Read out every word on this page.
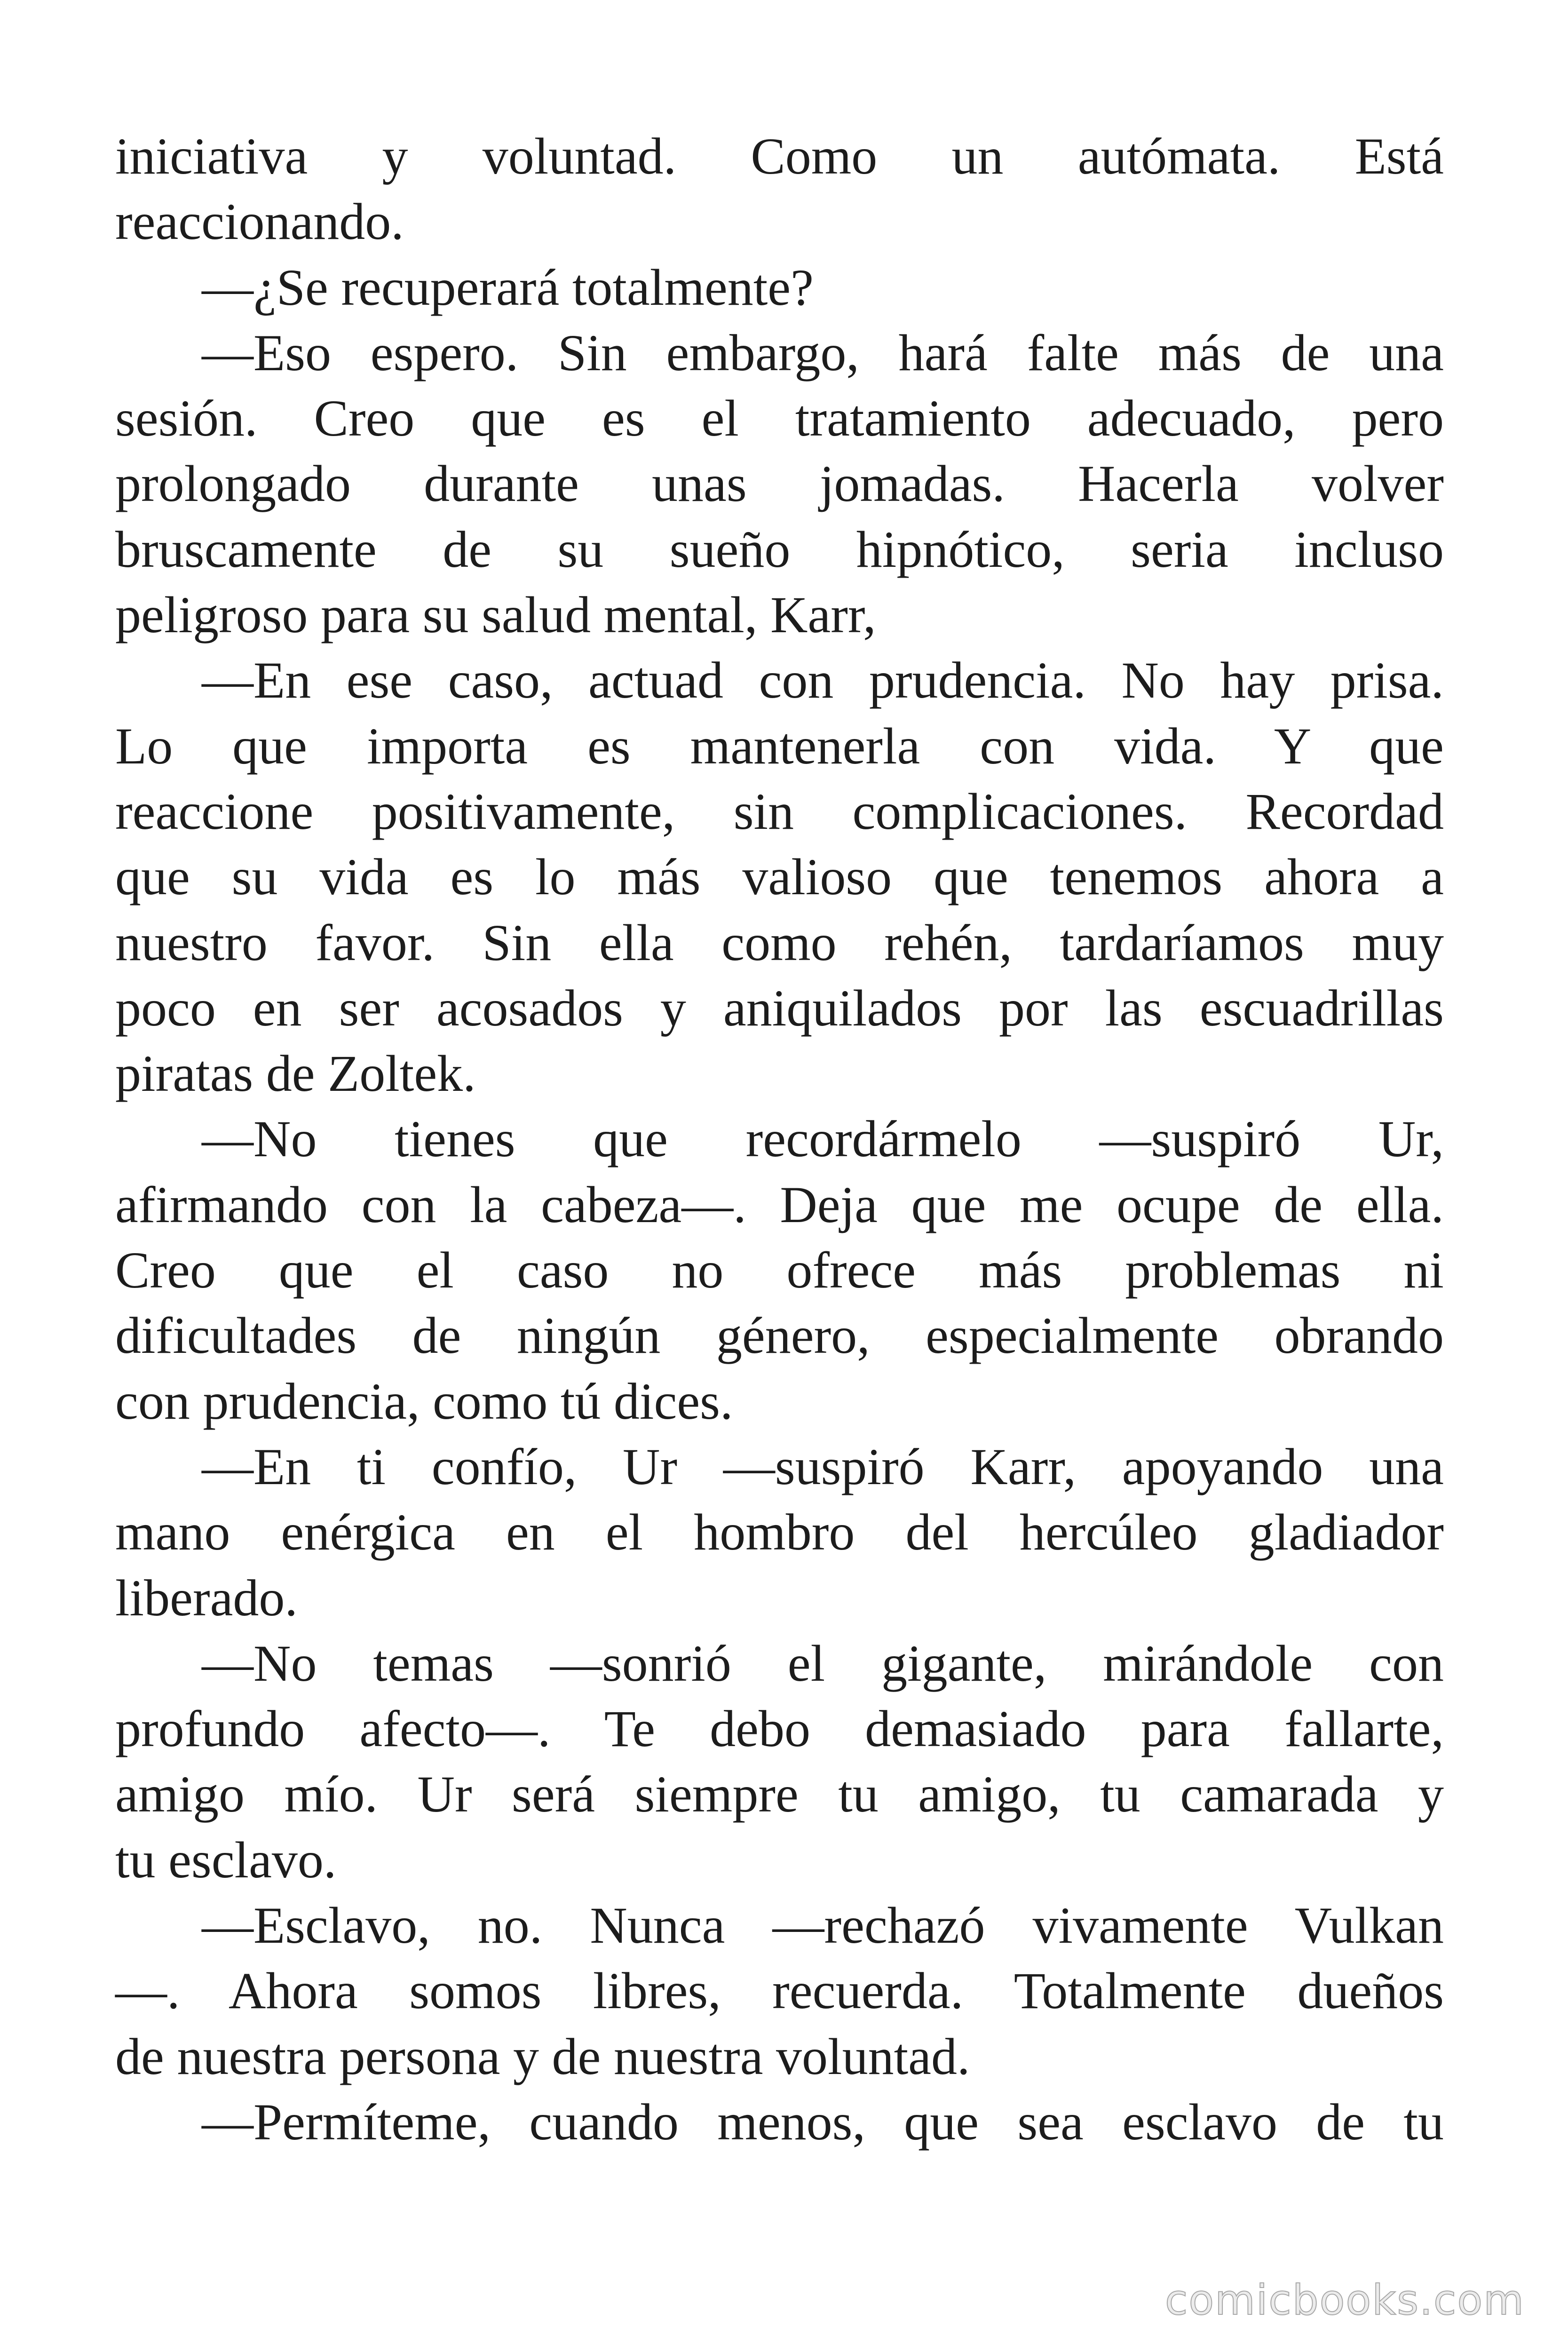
iniciativa y voluntad. Como un autómata. Está
reaccionando.
—¿Se recuperará totalmente?
—Eso espero. Sin embargo, hará falte más de una
sesión. Creo que es el tratamiento adecuado, pero
prolongado durante unas jomadas. Hacerla volver
bruscamente de su sueño hipnótico, seria incluso
peligroso para su salud mental, Karr,
—En ese caso, actuad con prudencia. No hay prisa.
Lo que importa es mantenerla con vida. Y que
reaccione positivamente, sin complicaciones. Recordad
que su vida es lo más valioso que tenemos ahora a
nuestro favor. Sin ella como rehén, tardaríamos muy
poco en ser acosados y aniquilados por las escuadrillas
piratas de Zoltek.
—No tienes que recordármelo —suspiró Ur,
afirmando con la cabeza—. Deja que me ocupe de ella.
Creo que el caso no ofrece más problemas ni
dificultades de ningún género, especialmente obrando
con prudencia, como tú dices.
—En ti confío, Ur —suspiró Karr, apoyando una
mano enérgica en el hombro del hercúleo gladiador
liberado.
—No temas —sonrió el gigante, mirándole con
profundo afecto—. Te debo demasiado para fallarte,
amigo mío. Ur será siempre tu amigo, tu camarada y
tu esclavo.
—Esclavo, no. Nunca —rechazó vivamente Vulkan
—. Ahora somos libres, recuerda. Totalmente dueños
de nuestra persona y de nuestra voluntad.
—Permíteme, cuando menos, que sea esclavo de tu
comicbooks.com
